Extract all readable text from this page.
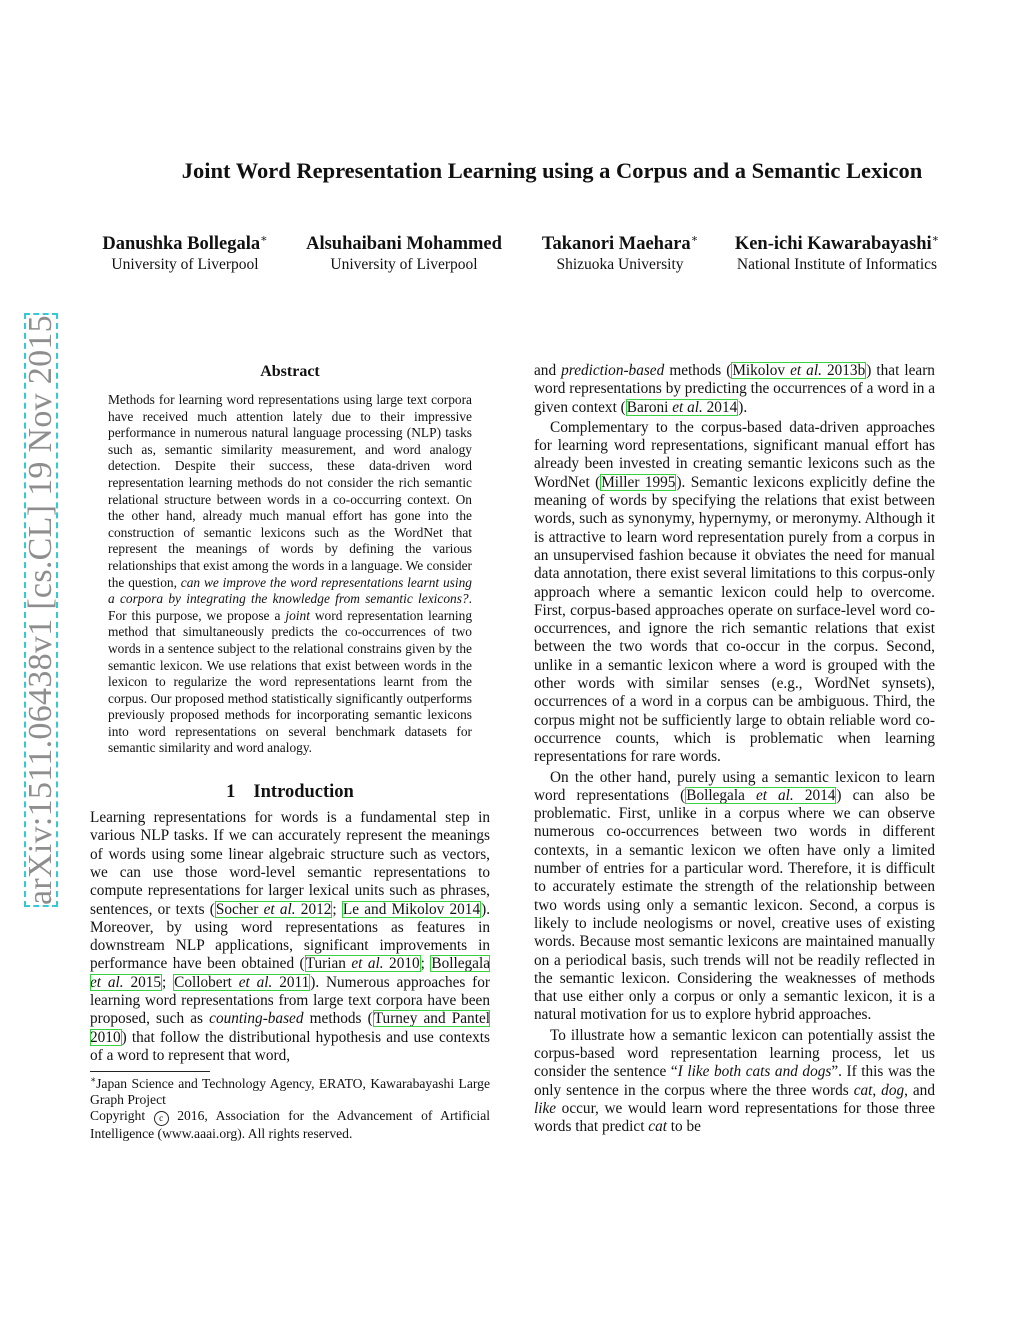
arXiv:1511.06438v1 [cs.CL] 19 Nov 2015
Joint Word Representation Learning using a Corpus and a Semantic Lexicon
Danushka Bollegala∗
University of Liverpool
Alsuhaibani Mohammed
University of Liverpool
Takanori Maehara∗
Shizuoka University
Ken-ichi Kawarabayashi∗
National Institute of Informatics
Abstract
Methods for learning word representations using large text corpora have received much attention lately due to their impressive performance in numerous natural language processing (NLP) tasks such as, semantic similarity measurement, and word analogy detection. Despite their success, these data-driven word representation learning methods do not consider the rich semantic relational structure between words in a co-occurring context. On the other hand, already much manual effort has gone into the construction of semantic lexicons such as the WordNet that represent the meanings of words by defining the various relationships that exist among the words in a language. We consider the question, can we improve the word representations learnt using a corpora by integrating the knowledge from semantic lexicons?. For this purpose, we propose a joint word representation learning method that simultaneously predicts the co-occurrences of two words in a sentence subject to the relational constrains given by the semantic lexicon. We use relations that exist between words in the lexicon to regularize the word representations learnt from the corpus. Our proposed method statistically significantly outperforms previously proposed methods for incorporating semantic lexicons into word representations on several benchmark datasets for semantic similarity and word analogy.
1 Introduction

Learning representations for words is a fundamental step in various NLP tasks. If we can accurately represent the meanings of words using some linear algebraic structure such as vectors, we can use those word-level semantic representations to compute representations for larger lexical units such as phrases, sentences, or texts (Socher et al. 2012; Le and Mikolov 2014). Moreover, by using word representations as features in downstream NLP applications, significant improvements in performance have been obtained (Turian et al. 2010; Bollegala et al. 2015; Collobert et al. 2011). Numerous approaches for learning word representations from large text corpora have been proposed, such as counting-based methods (Turney and Pantel 2010) that follow the distributional hypothesis and use contexts of a word to represent that word,

∗Japan Science and Technology Agency, ERATO, Kawarabayashi Large Graph Project
Copyright c 2016, Association for the Advancement of Artificial Intelligence (www.aaai.org). All rights reserved.

and prediction-based methods (Mikolov et al. 2013b) that learn word representations by predicting the occurrences of a word in a given context (Baroni et al. 2014).

Complementary to the corpus-based data-driven approaches for learning word representations, significant manual effort has already been invested in creating semantic lexicons such as the WordNet (Miller 1995). Semantic lexicons explicitly define the meaning of words by specifying the relations that exist between words, such as synonymy, hypernymy, or meronymy. Although it is attractive to learn word representation purely from a corpus in an unsupervised fashion because it obviates the need for manual data annotation, there exist several limitations to this corpus-only approach where a semantic lexicon could help to overcome. First, corpus-based approaches operate on surface-level word co-occurrences, and ignore the rich semantic relations that exist between the two words that co-occur in the corpus. Second, unlike in a semantic lexicon where a word is grouped with the other words with similar senses (e.g., WordNet synsets), occurrences of a word in a corpus can be ambiguous. Third, the corpus might not be sufficiently large to obtain reliable word co-occurrence counts, which is problematic when learning representations for rare words.

On the other hand, purely using a semantic lexicon to learn word representations (Bollegala et al. 2014) can also be problematic. First, unlike in a corpus where we can observe numerous co-occurrences between two words in different contexts, in a semantic lexicon we often have only a limited number of entries for a particular word. Therefore, it is difficult to accurately estimate the strength of the relationship between two words using only a semantic lexicon. Second, a corpus is likely to include neologisms or novel, creative uses of existing words. Because most semantic lexicons are maintained manually on a periodical basis, such trends will not be readily reflected in the semantic lexicon. Considering the weaknesses of methods that use either only a corpus or only a semantic lexicon, it is a natural motivation for us to explore hybrid approaches.

To illustrate how a semantic lexicon can potentially assist the corpus-based word representation learning process, let us consider the sentence “I like both cats and dogs”. If this was the only sentence in the corpus where the three words cat, dog, and like occur, we would learn word representations for those three words that predict cat to be
